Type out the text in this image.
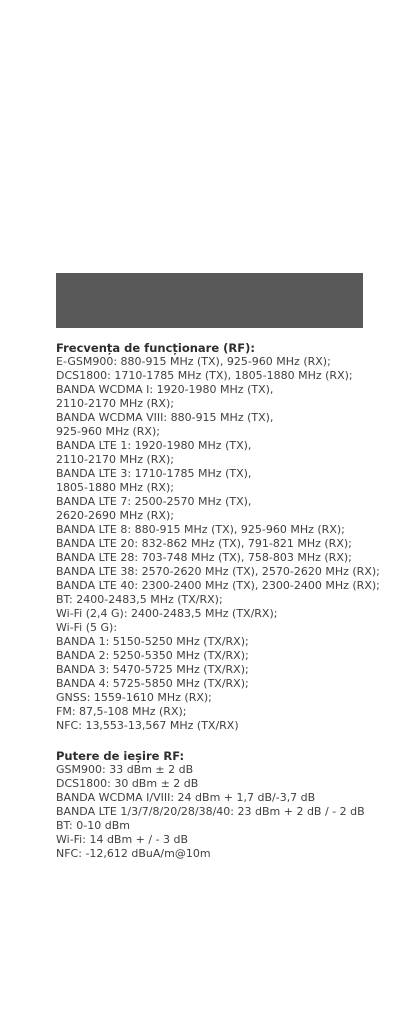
Frecvența de funcționare (RF):
E-GSM900: 880-915 MHz (TX), 925-960 MHz (RX);
DCS1800: 1710-1785 MHz (TX), 1805-1880 MHz (RX);
BANDA WCDMA I: 1920-1980 MHz (TX),
2110-2170 MHz (RX);
BANDA WCDMA VIII: 880-915 MHz (TX),
925-960 MHz (RX);
BANDA LTE 1: 1920-1980 MHz (TX),
2110-2170 MHz (RX);
BANDA LTE 3: 1710-1785 MHz (TX),
1805-1880 MHz (RX);
BANDA LTE 7: 2500-2570 MHz (TX),
2620-2690 MHz (RX);
BANDA LTE 8: 880-915 MHz (TX), 925-960 MHz (RX);
BANDA LTE 20: 832-862 MHz (TX), 791-821 MHz (RX);
BANDA LTE 28: 703-748 MHz (TX), 758-803 MHz (RX);
BANDA LTE 38: 2570-2620 MHz (TX), 2570-2620 MHz (RX);
BANDA LTE 40: 2300-2400 MHz (TX), 2300-2400 MHz (RX);
BT: 2400-2483,5 MHz (TX/RX);
Wi-Fi (2,4 G): 2400-2483,5 MHz (TX/RX);
Wi-Fi (5 G):
BANDA 1: 5150-5250 MHz (TX/RX);
BANDA 2: 5250-5350 MHz (TX/RX);
BANDA 3: 5470-5725 MHz (TX/RX);
BANDA 4: 5725-5850 MHz (TX/RX);
GNSS: 1559-1610 MHz (RX);
FM: 87,5-108 MHz (RX);
NFC: 13,553-13,567 MHz (TX/RX)
Putere de ieșire RF:
GSM900: 33 dBm ± 2 dB
DCS1800: 30 dBm ± 2 dB
BANDA WCDMA I/VIII: 24 dBm + 1,7 dB/-3,7 dB
BANDA LTE 1/3/7/8/20/28/38/40: 23 dBm + 2 dB / - 2 dB
BT: 0-10 dBm
Wi-Fi: 14 dBm + / - 3 dB
NFC: -12,612 dBuA/m@10m
